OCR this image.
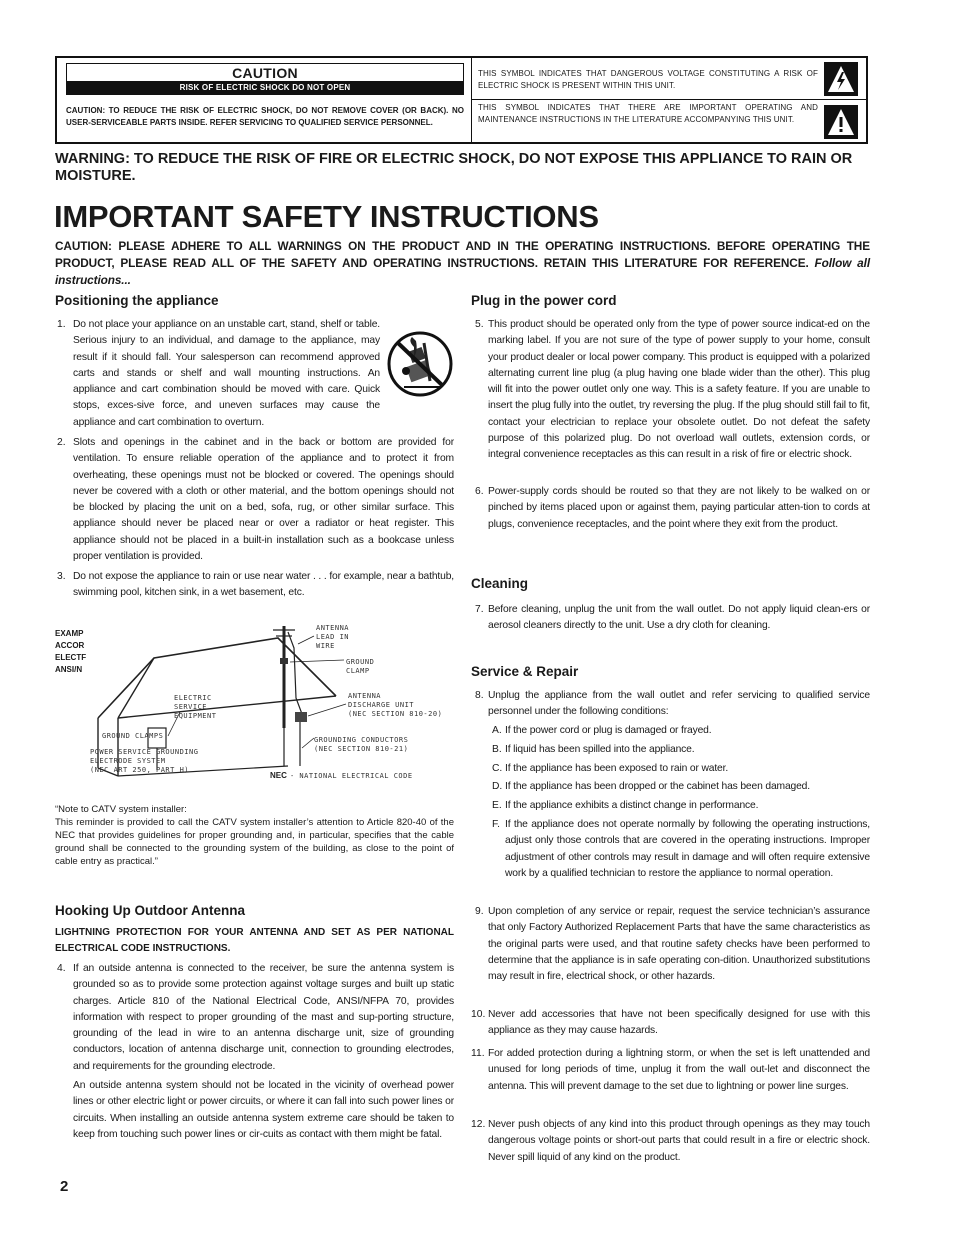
CAUTION
RISK OF ELECTRIC SHOCK DO NOT OPEN
CAUTION: TO REDUCE THE RISK OF ELECTRIC SHOCK, DO NOT REMOVE COVER (OR BACK). NO USER-SERVICEABLE PARTS INSIDE. REFER SERVICING TO QUALIFIED SERVICE PERSONNEL.
THIS SYMBOL INDICATES THAT DANGEROUS VOLTAGE CONSTITUTING A RISK OF ELECTRIC SHOCK IS PRESENT WITHIN THIS UNIT.
THIS SYMBOL INDICATES THAT THERE ARE IMPORTANT OPERATING AND MAINTENANCE INSTRUCTIONS IN THE LITERATURE ACCOMPANYING THIS UNIT.
WARNING: TO REDUCE THE RISK OF FIRE OR ELECTRIC SHOCK, DO NOT EXPOSE THIS APPLIANCE TO RAIN OR MOISTURE.
IMPORTANT SAFETY INSTRUCTIONS
CAUTION: PLEASE ADHERE TO ALL WARNINGS ON THE PRODUCT AND IN THE OPERATING INSTRUCTIONS. BEFORE OPERATING THE PRODUCT, PLEASE READ ALL OF THE SAFETY AND OPERATING INSTRUCTIONS. RETAIN THIS LITERATURE FOR REFERENCE. Follow all instructions...
Positioning the appliance
1. Do not place your appliance on an unstable cart, stand, shelf or table. Serious injury to an individual, and damage to the appliance, may result if it should fall. Your salesperson can recommend approved carts and stands or shelf and wall mounting instructions. An appliance and cart combination should be moved with care. Quick stops, exces-sive force, and uneven surfaces may cause the appliance and cart combination to overturn.
2. Slots and openings in the cabinet and in the back or bottom are provided for ventilation. To ensure reliable operation of the appliance and to protect it from overheating, these openings must not be blocked or covered. The openings should never be covered with a cloth or other material, and the bottom openings should not be blocked by placing the unit on a bed, sofa, rug, or other similar surface. This appliance should never be placed near or over a radiator or heat register. This appliance should not be placed in a built-in installation such as a bookcase unless proper ventilation is provided.
3. Do not expose the appliance to rain or use near water . . . for example, near a bathtub, swimming pool, kitchen sink, in a wet basement, etc.
EXAMP
ACCOR
ELECTF
ANSI/N
ANTENNA
LEAD IN
WIRE
GROUND
CLAMP
ANTENNA
DISCHARGE UNIT
(NEC SECTION 810-20)
ELECTRIC
SERVICE
EQUIPMENT
GROUND CLAMPS	GROUNDING CONDUCTORS
(NEC SECTION 810-21)
POWER SERVICE GROUNDING
ELECTRODE SYSTEM
(NEC ART 250, PART H)
NEC - NATIONAL ELECTRICAL CODE
“Note to CATV system installer:
This reminder is provided to call the CATV system installer’s attention to Article 820-40 of the NEC that provides guidelines for proper grounding and, in particular, specifies that the cable ground shall be connected to the grounding system of the building, as close to the point of cable entry as practical.”
Hooking Up Outdoor Antenna
LIGHTNING PROTECTION FOR YOUR ANTENNA AND SET AS PER NATIONAL ELECTRICAL CODE INSTRUCTIONS.
4. If an outside antenna is connected to the receiver, be sure the antenna system is grounded so as to provide some protection against voltage surges and built up static charges. Article 810 of the National Electrical Code, ANSI/NFPA 70, provides information with respect to proper grounding of the mast and sup-porting structure, grounding of the lead in wire to an antenna discharge unit, size of grounding conductors, location of antenna discharge unit, connection to grounding electrodes, and requirements for the grounding electrode.
An outside antenna system should not be located in the vicinity of overhead power lines or other electric light or power circuits, or where it can fall into such power lines or circuits. When installing an outside antenna system extreme care should be taken to keep from touching such power lines or cir-cuits as contact with them might be fatal.
2
Plug in the power cord
5. This product should be operated only from the type of power source indicat-ed on the marking label. If you are not sure of the type of power supply to your home, consult your product dealer or local power company. This product is equipped with a polarized alternating current line plug (a plug having one blade wider than the other). This plug will fit into the power outlet only one way. This is a safety feature. If you are unable to insert the plug fully into the outlet, try reversing the plug. If the plug should still fail to fit, contact your electrician to replace your obsolete outlet. Do not defeat the safety purpose of this polarized plug. Do not overload wall outlets, extension cords, or integral convenience receptacles as this can result in a risk of fire or electric shock.
6. Power-supply cords should be routed so that they are not likely to be walked on or pinched by items placed upon or against them, paying particular atten-tion to cords at plugs, convenience receptacles, and the point where they exit from the product.
Cleaning
7. Before cleaning, unplug the unit from the wall outlet. Do not apply liquid clean-ers or aerosol cleaners directly to the unit. Use a dry cloth for cleaning.
Service & Repair
8. Unplug the appliance from the wall outlet and refer servicing to qualified service personnel under the following conditions:
A. If the power cord or plug is damaged or frayed.
B. If liquid has been spilled into the appliance.
C. If the appliance has been exposed to rain or water.
D. If the appliance has been dropped or the cabinet has been damaged.
E. If the appliance exhibits a distinct change in performance.
F. If the appliance does not operate normally by following the operating instructions, adjust only those controls that are covered in the operating instructions. Improper adjustment of other controls may result in damage and will often require extensive work by a qualified technician to restore the appliance to normal operation.
9. Upon completion of any service or repair, request the service technician’s assurance that only Factory Authorized Replacement Parts that have the same characteristics as the original parts were used, and that routine safety checks have been performed to determine that the appliance is in safe operating con-dition. Unauthorized substitutions may result in fire, electrical shock, or other hazards.
10. Never add accessories that have not been specifically designed for use with this appliance as they may cause hazards.
11. For added protection during a lightning storm, or when the set is left unattended and unused for long periods of time, unplug it from the wall out-let and disconnect the antenna. This will prevent damage to the set due to lightning or power line surges.
12. Never push objects of any kind into this product through openings as they may touch dangerous voltage points or short-out parts that could result in a fire or electric shock. Never spill liquid of any kind on the product.
